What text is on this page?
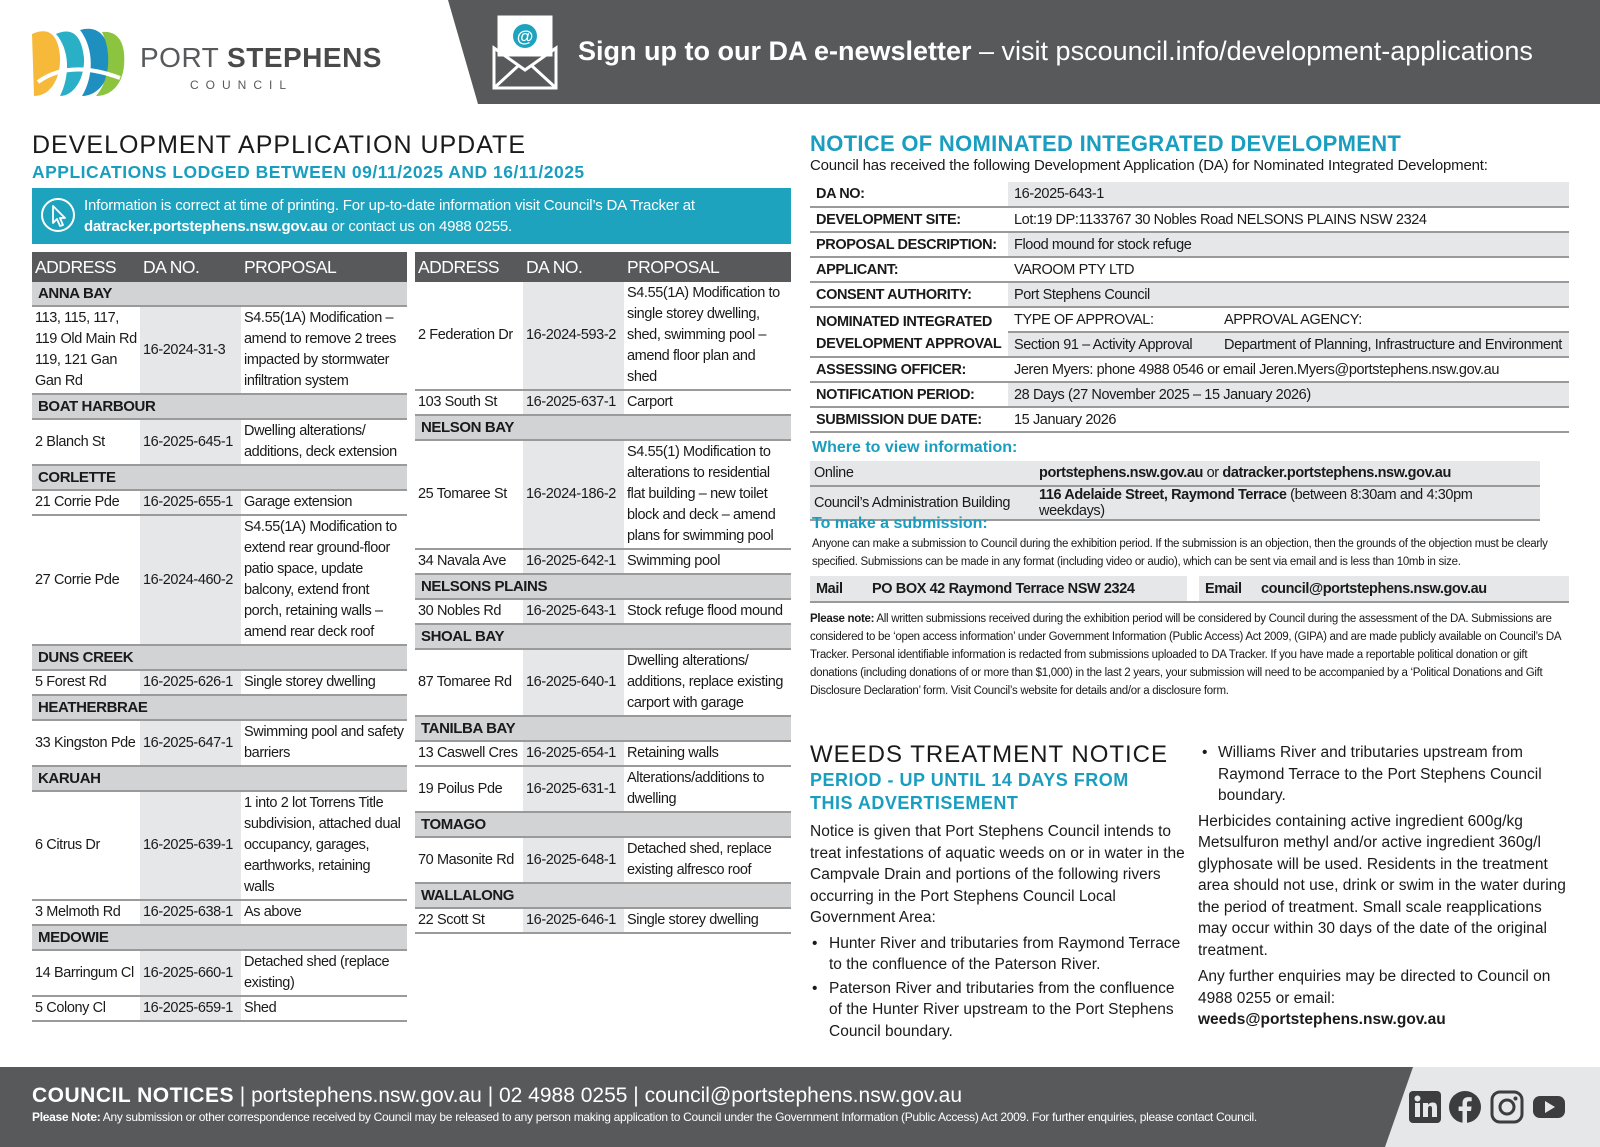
PORT STEPHENS
COUNCIL
@ Sign up to our DA e-newsletter – visit pscouncil.info/development-applications
DEVELOPMENT APPLICATION UPDATE
APPLICATIONS LODGED BETWEEN 09/11/2025 AND 16/11/2025
Information is correct at time of printing. For up-to-date information visit Council’s DA Tracker at
datracker.portstephens.nsw.gov.au or contact us on 4988 0255.
ADDRESS	DA NO.	PROPOSAL
ANNA BAY		
113, 115, 117, 119 Old Main Rd 119, 121 Gan Gan Rd	16-2024-31-3	S4.55(1A) Modification – amend to remove 2 trees impacted by stormwater infiltration system
BOAT HARBOUR		
2 Blanch St	16-2025-645-1	Dwelling alterations/ additions, deck extension
CORLETTE		
21 Corrie Pde	16-2025-655-1	Garage extension
27 Corrie Pde	16-2024-460-2	S4.55(1A) Modification to extend rear ground-floor patio space, update balcony, extend front porch, retaining walls – amend rear deck roof
DUNS CREEK		
5 Forest Rd	16-2025-626-1	Single storey dwelling
HEATHERBRAE		
33 Kingston Pde	16-2025-647-1	Swimming pool and safety barriers
KARUAH		
6 Citrus Dr	16-2025-639-1	1 into 2 lot Torrens Title subdivision, attached dual occupancy, garages, earthworks, retaining walls
3 Melmoth Rd	16-2025-638-1	As above
MEDOWIE		
14 Barringum Cl	16-2025-660-1	Detached shed (replace existing)
5 Colony Cl	16-2025-659-1	Shed
ADDRESS	DA NO.	PROPOSAL
2 Federation Dr	16-2024-593-2	S4.55(1A) Modification to single storey dwelling, shed, swimming pool – amend floor plan and shed
103 South St	16-2025-637-1	Carport
NELSON BAY		
25 Tomaree St	16-2024-186-2	S4.55(1) Modification to alterations to residential flat building – new toilet block and deck – amend plans for swimming pool
34 Navala Ave	16-2025-642-1	Swimming pool
NELSONS PLAINS		
30 Nobles Rd	16-2025-643-1	Stock refuge flood mound
SHOAL BAY		
87 Tomaree Rd	16-2025-640-1	Dwelling alterations/ additions, replace existing carport with garage
TANILBA BAY		
13 Caswell Cres	16-2025-654-1	Retaining walls
19 Poilus Pde	16-2025-631-1	Alterations/additions to dwelling
TOMAGO		
70 Masonite Rd	16-2025-648-1	Detached shed, replace existing alfresco roof
WALLALONG		
22 Scott St	16-2025-646-1	Single storey dwelling
NOTICE OF NOMINATED INTEGRATED DEVELOPMENT
Council has received the following Development Application (DA) for Nominated Integrated Development:
DA NO:	16-2025-643-1	
DEVELOPMENT SITE:	Lot:19 DP:1133767 30 Nobles Road NELSONS PLAINS NSW 2324	
PROPOSAL DESCRIPTION:	Flood mound for stock refuge	
APPLICANT:	VAROOM PTY LTD	
CONSENT AUTHORITY:	Port Stephens Council	
NOMINATED INTEGRATED DEVELOPMENT APPROVAL	TYPE OF APPROVAL:	APPROVAL AGENCY:
	Section 91 – Activity Approval	Department of Planning, Infrastructure and Environment
ASSESSING OFFICER:	Jeren Myers: phone 4988 0546 or email Jeren.Myers@portstephens.nsw.gov.au	
NOTIFICATION PERIOD:	28 Days (27 November 2025 – 15 January 2026)	
SUBMISSION DUE DATE:	15 January 2026	
Where to view information:
Online	portstephens.nsw.gov.au or datracker.portstephens.nsw.gov.au
Council’s Administration Building	116 Adelaide Street, Raymond Terrace (between 8:30am and 4:30pm weekdays)
To make a submission:
Anyone can make a submission to Council during the exhibition period. If the submission is an objection, then the grounds of the objection must be clearly specified. Submissions can be made in any format (including video or audio), which can be sent via email and is less than 10mb in size.
Mail	PO BOX 42 Raymond Terrace NSW 2324		Email	council@portstephens.nsw.gov.au
Please note: All written submissions received during the exhibition period will be considered by Council during the assessment of the DA. Submissions are considered to be ‘open access information’ under Government Information (Public Access) Act 2009, (GIPA) and are made publicly available on Council’s DA Tracker. Personal identifiable information is redacted from submissions uploaded to DA Tracker. If you have made a reportable political donation or gift donations (including donations of or more than $1,000) in the last 2 years, your submission will need to be accompanied by a ‘Political Donations and Gift Disclosure Declaration’ form. Visit Council’s website for details and/or a disclosure form.
WEEDS TREATMENT NOTICE
PERIOD - UP UNTIL 14 DAYS FROM
THIS ADVERTISEMENT

Notice is given that Port Stephens Council intends to treat infestations of aquatic weeds on or in water in the Campvale Drain and portions of the following rivers occurring in the Port Stephens Council Local Government Area:

• Hunter River and tributaries from Raymond Terrace to the confluence of the Paterson River.
• Paterson River and tributaries from the confluence of the Hunter River upstream to the Port Stephens Council boundary.
• Williams River and tributaries upstream from Raymond Terrace to the Port Stephens Council boundary.

Herbicides containing active ingredient 600g/kg Metsulfuron methyl and/or active ingredient 360g/l glyphosate will be used. Residents in the treatment area should not use, drink or swim in the water during the period of treatment. Small scale reapplications may occur within 30 days of the date of the original treatment.

Any further enquiries may be directed to Council on 4988 0255 or email:
weeds@portstephens.nsw.gov.au

COUNCIL NOTICES | portstephens.nsw.gov.au | 02 4988 0255 | council@portstephens.nsw.gov.au
Please Note: Any submission or other correspondence received by Council may be released to any person making application to Council under the Government Information (Public Access) Act 2009. For further enquiries, please contact Council.
